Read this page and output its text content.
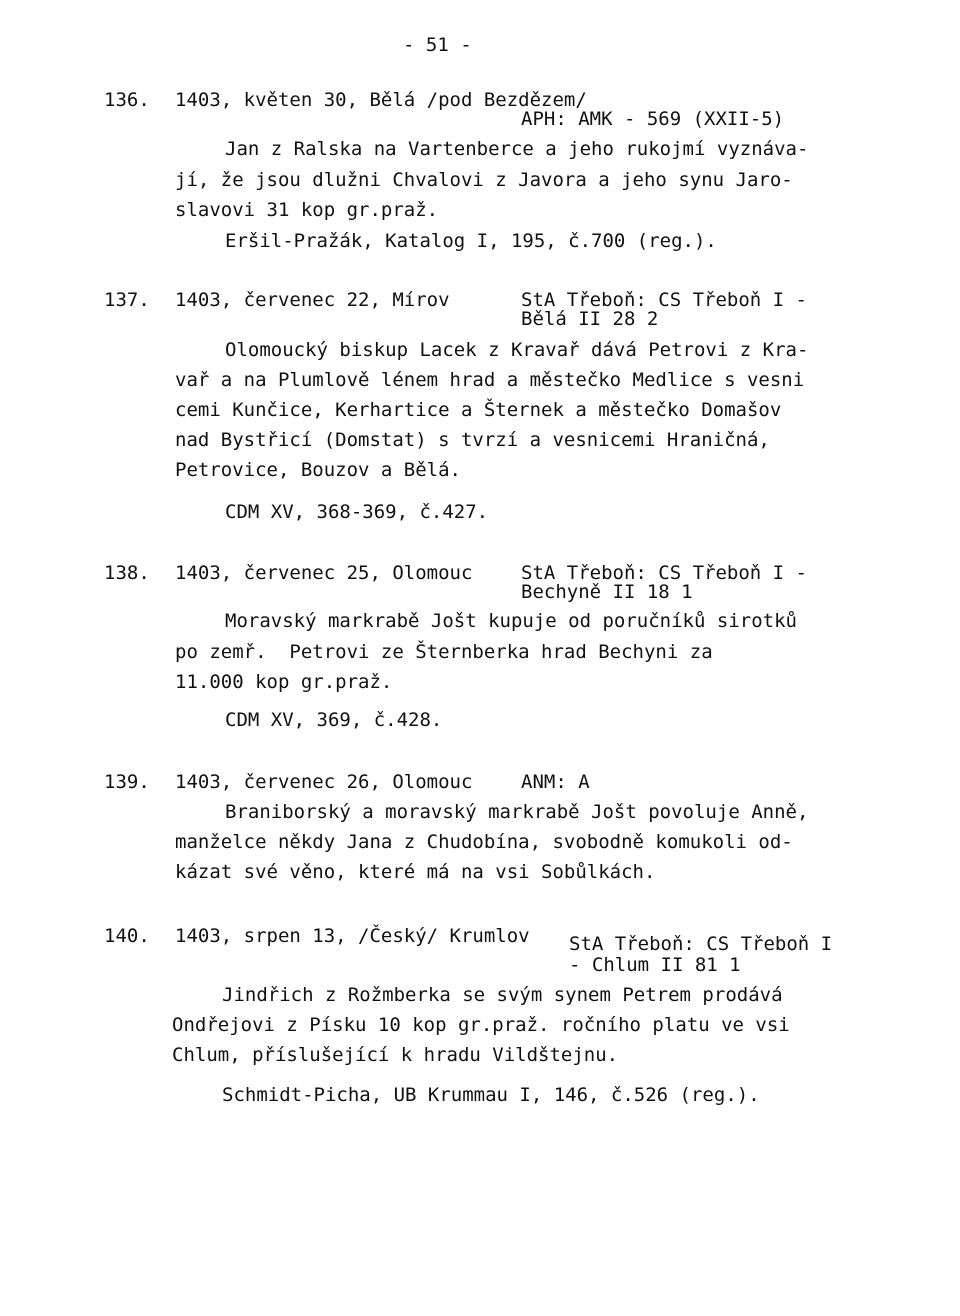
- 51 -
136. 1403, květen 30, Bělá /pod Bezdězem/
APH: AMK - 569 (XXII-5)
Jan z Ralska na Vartenberce a jeho rukojmí vyznáva-
jí, že jsou dlužni Chvalovi z Javora a jeho synu Jaro-
slavovi 31 kop gr.praž.
Eršil-Pražák, Katalog I, 195, č.700 (reg.).
137. 1403, červenec 22, Mírov	StA Třeboň: CS Třeboň I -
Bělá II 28 2
Olomoucký biskup Lacek z Kravař dává Petrovi z Kra-
vař a na Plumlově lénem hrad a městečko Medlice s vesni
cemi Kunčice, Kerhartice a Šternek a městečko Domašov
nad Bystřicí (Domstat) s tvrzí a vesnicemi Hraničná,
Petrovice, Bouzov a Bělá.
CDM XV, 368-369, č.427.
138. 1403, červenec 25, Olomouc	StA Třeboň: CS Třeboň I -
Bechyně II 18 1
Moravský markrabě Jošt kupuje od poručníků sirotků
po zemř.  Petrovi ze Šternberka hrad Bechyni za
11.000 kop gr.praž.
CDM XV, 369, č.428.
139. 1403, červenec 26, Olomouc	ANM: A
Braniborský a moravský markrabě Jošt povoluje Anně,
manželce někdy Jana z Chudobína, svobodně komukoli od-
kázat své věno, které má na vsi Sobůlkách.
140. 1403, srpen 13, /Český/ Krumlov StA Třeboň: CS Třeboň I
- Chlum II 81 1
Jindřich z Rožmberka se svým synem Petrem prodává
Ondřejovi z Písku 10 kop gr.praž. ročního platu ve vsi
Chlum, příslušející k hradu Vildštejnu.
Schmidt-Picha, UB Krummau I, 146, č.526 (reg.).
